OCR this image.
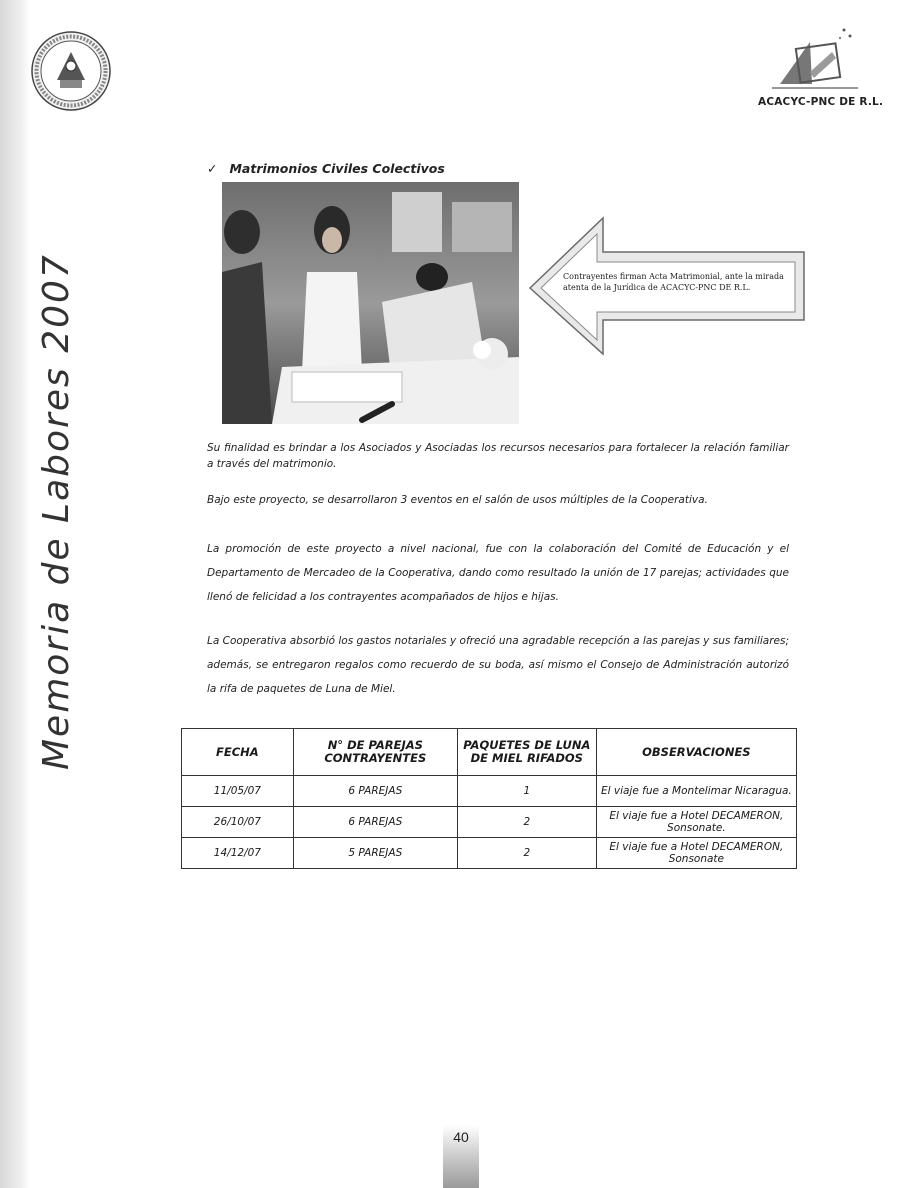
Memoria de Labores 2007
ACACYC-PNC DE R.L.
✓ Matrimonios Civiles Colectivos
Contrayentes firman Acta Matrimonial, ante la mirada atenta de la Jurídica de ACACYC-PNC DE R.L.
Su finalidad es brindar a los Asociados y Asociadas los recursos necesarios para fortalecer la relación familiar a través del matrimonio.
Bajo este proyecto, se desarrollaron 3 eventos en el salón de usos múltiples de la Cooperativa.
La promoción de este proyecto a nivel nacional, fue con la colaboración del Comité de Educación y el Departamento de Mercadeo de la Cooperativa, dando como resultado la unión de 17 parejas; actividades que llenó de felicidad a los contrayentes acompañados de hijos e hijas.
La Cooperativa absorbió los gastos notariales y ofreció una agradable recepción a las parejas y sus familiares; además, se entregaron regalos como recuerdo de su boda, así mismo el Consejo de Administración autorizó la rifa de paquetes de Luna de Miel.
FECHA	N° DE PAREJAS CONTRAYENTES	PAQUETES DE LUNA DE MIEL RIFADOS	OBSERVACIONES
11/05/07	6 PAREJAS	1	El viaje fue a Montelimar Nicaragua.
26/10/07	6 PAREJAS	2	El viaje fue a Hotel DECAMERON, Sonsonate.
14/12/07	5 PAREJAS	2	El viaje fue a Hotel DECAMERON, Sonsonate
40
